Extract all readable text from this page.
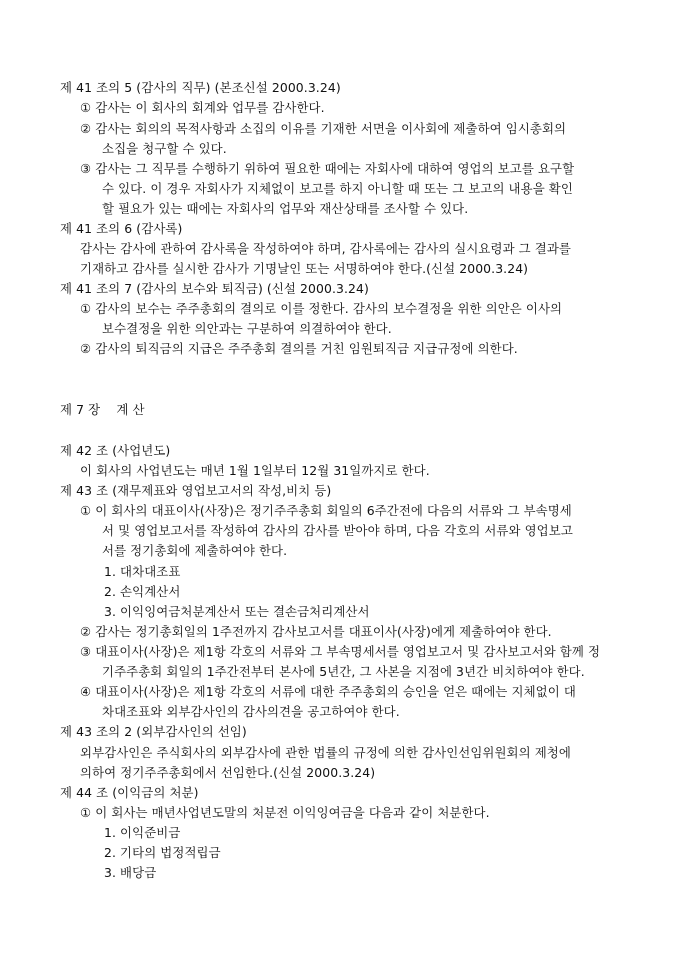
제 41 조의 5 (감사의 직무) (본조신설 2000.3.24)
① 감사는 이 회사의 회계와 업무를 감사한다.
② 감사는 회의의 목적사항과 소집의 이유를 기재한 서면을 이사회에 제출하여 임시총회의
소집을 청구할 수 있다.
③ 감사는 그 직무를 수행하기 위하여 필요한 때에는 자회사에 대하여 영업의 보고를 요구할
수 있다. 이 경우 자회사가 지체없이 보고를 하지 아니할 때 또는 그 보고의 내용을 확인
할 필요가 있는 때에는 자회사의 업무와 재산상태를 조사할 수 있다.
제 41 조의 6 (감사록)
감사는 감사에 관하여 감사록을 작성하여야 하며, 감사록에는 감사의 실시요령과 그 결과를
기재하고 감사를 실시한 감사가 기명날인 또는 서명하여야 한다.(신설 2000.3.24)
제 41 조의 7 (감사의 보수와 퇴직금) (신설 2000.3.24)
① 감사의 보수는 주주총회의 결의로 이를 정한다. 감사의 보수결정을 위한 의안은 이사의
보수결정을 위한 의안과는 구분하여 의결하여야 한다.
② 감사의 퇴직금의 지급은 주주총회 결의를 거친 임원퇴직금 지급규정에 의한다.
제 7 장    계 산
제 42 조 (사업년도)
이 회사의 사업년도는 매년 1월 1일부터 12월 31일까지로 한다.
제 43 조 (재무제표와 영업보고서의 작성,비치 등)
① 이 회사의 대표이사(사장)은 정기주주총회 회일의 6주간전에 다음의 서류와 그 부속명세
서 및 영업보고서를 작성하여 감사의 감사를 받아야 하며, 다음 각호의 서류와 영업보고
서를 정기총회에 제출하여야 한다.
1. 대차대조표
2. 손익계산서
3. 이익잉여금처분계산서 또는 결손금처리계산서
② 감사는 정기총회일의 1주전까지 감사보고서를 대표이사(사장)에게 제출하여야 한다.
③ 대표이사(사장)은 제1항 각호의 서류와 그 부속명세서를 영업보고서 및 감사보고서와 함께 정
기주주총회 회일의 1주간전부터 본사에 5년간, 그 사본을 지점에 3년간 비치하여야 한다.
④ 대표이사(사장)은 제1항 각호의 서류에 대한 주주총회의 승인을 얻은 때에는 지체없이 대
차대조표와 외부감사인의 감사의견을 공고하여야 한다.
제 43 조의 2 (외부감사인의 선임)
외부감사인은 주식회사의 외부감사에 관한 법률의 규정에 의한 감사인선임위원회의 제청에
의하여 정기주주총회에서 선임한다.(신설 2000.3.24)
제 44 조 (이익금의 처분)
① 이 회사는 매년사업년도말의 처분전 이익잉여금을 다음과 같이 처분한다.
1. 이익준비금
2. 기타의 법정적립금
3. 배당금
